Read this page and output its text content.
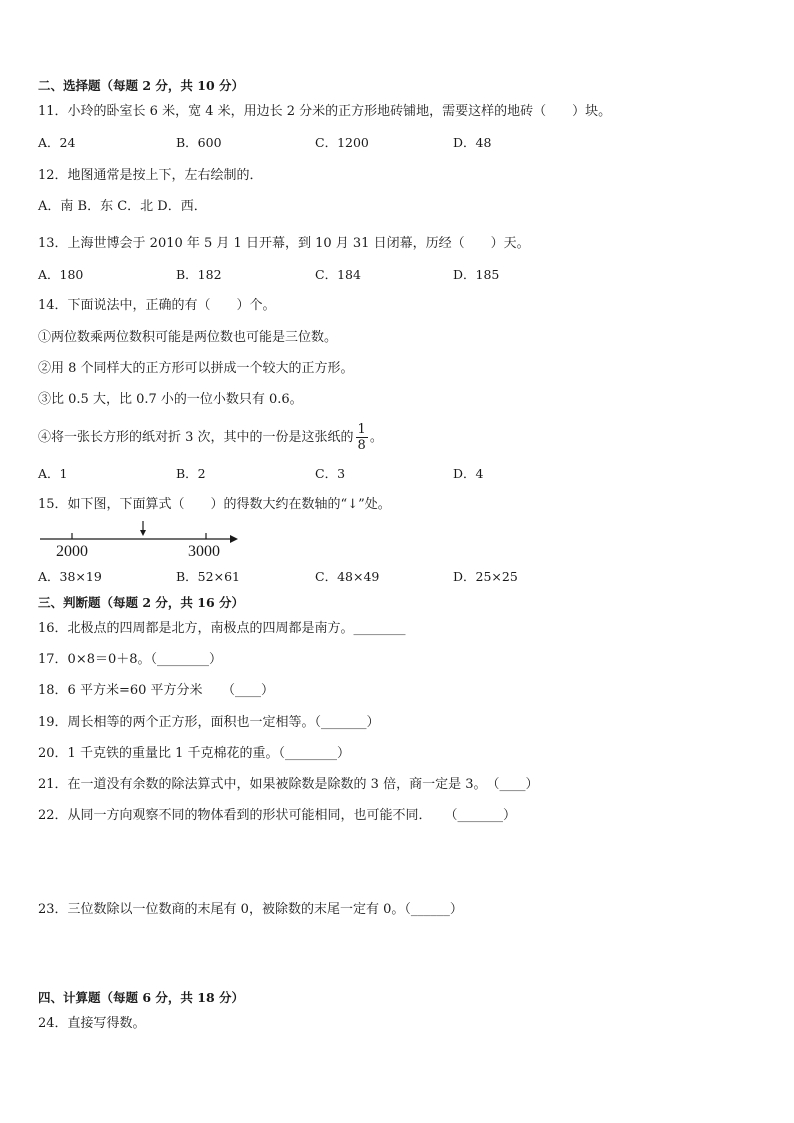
二、选择题（每题 2 分，共 10 分）
11．小玲的卧室长 6 米，宽 4 米，用边长 2 分米的正方形地砖铺地，需要这样的地砖（　　）块。
A．24	B．600	C．1200	D．48
12．地图通常是按上下，左右绘制的．
A．南 B．东 C．北 D．西．
13．上海世博会于 2010 年 5 月 1 日开幕，到 10 月 31 日闭幕，历经（　　）天。
A．180	B．182	C．184	D．185
14．下面说法中，正确的有（　　）个。
①两位数乘两位数积可能是两位数也可能是三位数。
②用 8 个同样大的正方形可以拼成一个较大的正方形。
③比 0.5 大，比 0.7 小的一位小数只有 0.6。
④将一张长方形的纸对折 3 次，其中的一份是这张纸的 $\frac{1}{8}$ 。
A．1	B．2	C．3	D．4
15．如下图，下面算式（　　）的得数大约在数轴的“↓”处。
2000	3000
A．38×19	B．52×61	C．48×49	D．25×25
三、判断题（每题 2 分，共 16 分）
16．北极点的四周都是北方，南极点的四周都是南方。________
17．0×8＝0＋8。（________）
18．6 平方米=60 平方分米　　（____）
19．周长相等的两个正方形，面积也一定相等。（_______）
20．1 千克铁的重量比 1 千克棉花的重。（________）
21．在一道没有余数的除法算式中，如果被除数是除数的 3 倍，商一定是 3。　（____）
22．从同一方向观察不同的物体看到的形状可能相同，也可能不同．　　（_______）
23．三位数除以一位数商的末尾有 0，被除数的末尾一定有 0。（______）
四、计算题（每题 6 分，共 18 分）
24．直接写得数。
